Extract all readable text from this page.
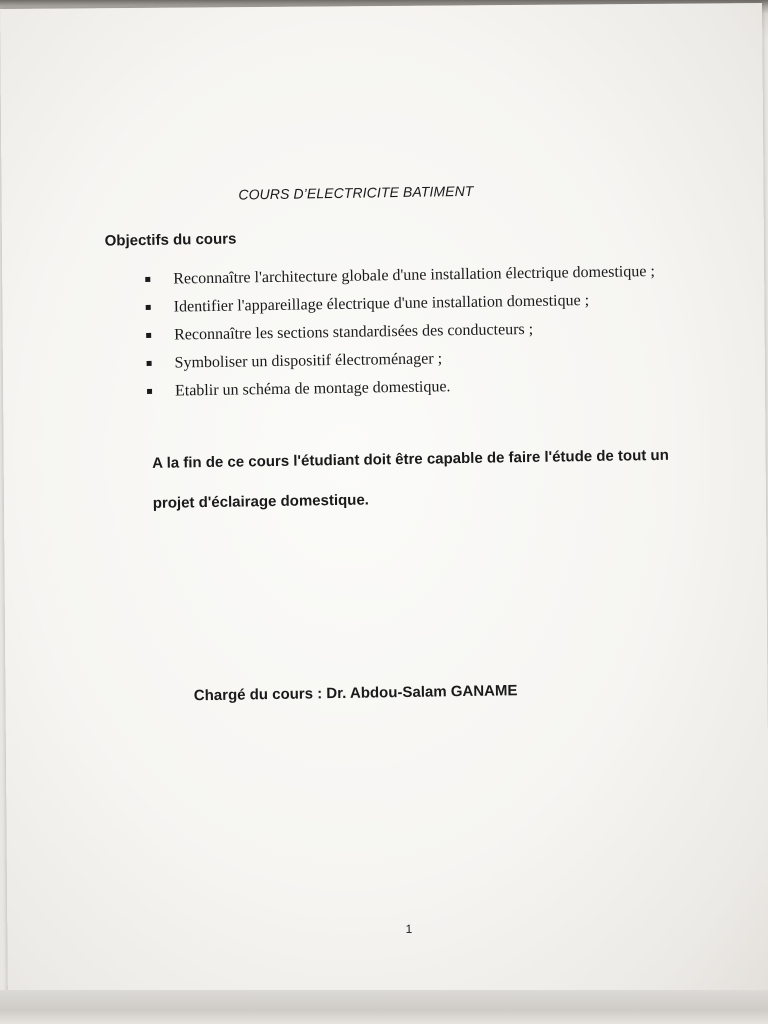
COURS D’ELECTRICITE BATIMENT
Objectifs du cours
Reconnaître l'architecture globale d'une installation électrique domestique ;
Identifier l'appareillage électrique d'une installation domestique ;
Reconnaître les sections standardisées des conducteurs ;
Symboliser un dispositif électroménager ;
Etablir un schéma de montage domestique.
A la fin de ce cours l'étudiant doit être capable de faire l'étude de tout un projet d'éclairage domestique.
Chargé du cours : Dr. Abdou-Salam GANAME
1
